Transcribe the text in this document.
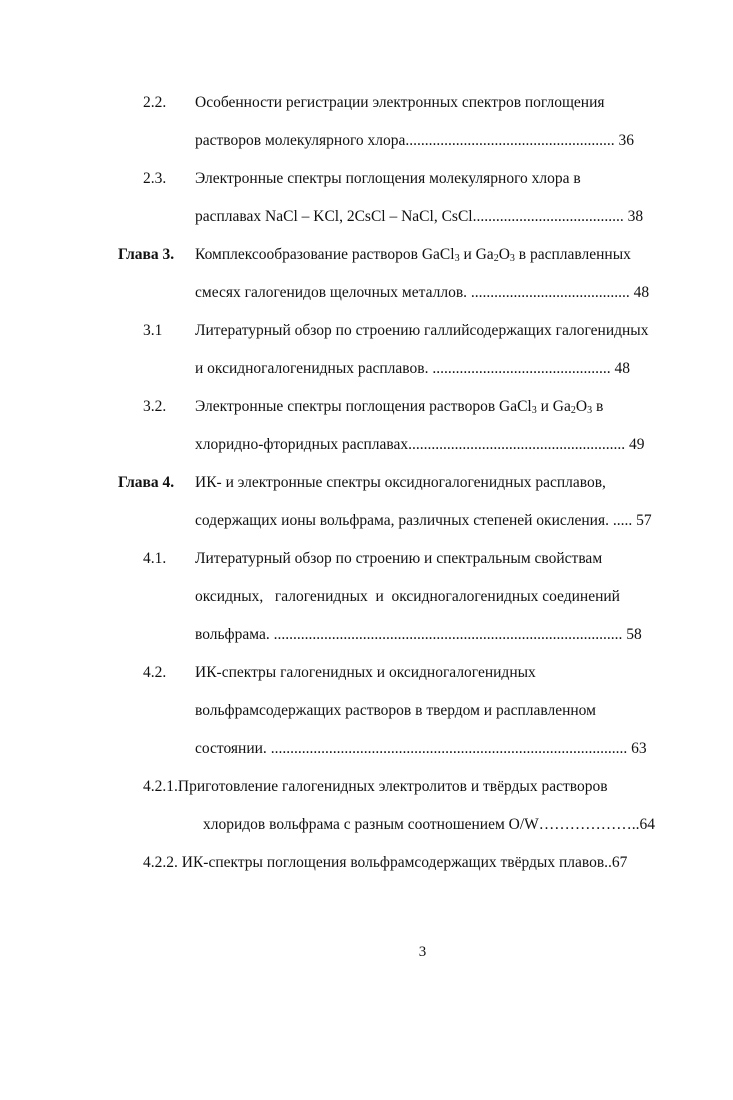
2.2. Особенности регистрации электронных спектров поглощения
растворов молекулярного хлора...................................................... 36
2.3. Электронные спектры поглощения молекулярного хлора в
расплавах NaCl – KCl, 2CsCl – NaCl, CsCl....................................... 38
Глава 3. Комплексообразование растворов GaCl$_3$ и $Ga_2O_3$ в расплавленных
смесях галогенидов щелочных металлов. ......................................... 48
3.1 Литературный обзор по строению галлийсодержащих галогенидных
и оксидногалогенидных расплавов. .............................................. 48
3.2. Электронные спектры поглощения растворов GaCl$_3$ и $Ga_2O_3$ в
хлоридно-фторидных расплавах........................................................ 49
Глава 4. ИК- и электронные спектры оксидногалогенидных расплавов,
содержащих ионы вольфрама, различных степеней окисления. ..... 57
4.1. Литературный обзор по строению и спектральным свойствам
оксидных,   галогенидных  и  оксидногалогенидных соединений
вольфрама. .......................................................................................... 58
4.2. ИК-спектры галогенидных и оксидногалогенидных
вольфрамсодержащих растворов в твердом и расплавленном
состоянии. ............................................................................................ 63
4.2.1.Приготовление галогенидных электролитов и твёрдых растворов
хлоридов вольфрама с разным соотношением O/W………………..64
4.2.2. ИК-спектры поглощения вольфрамсодержащих твёрдых плавов..67
3
